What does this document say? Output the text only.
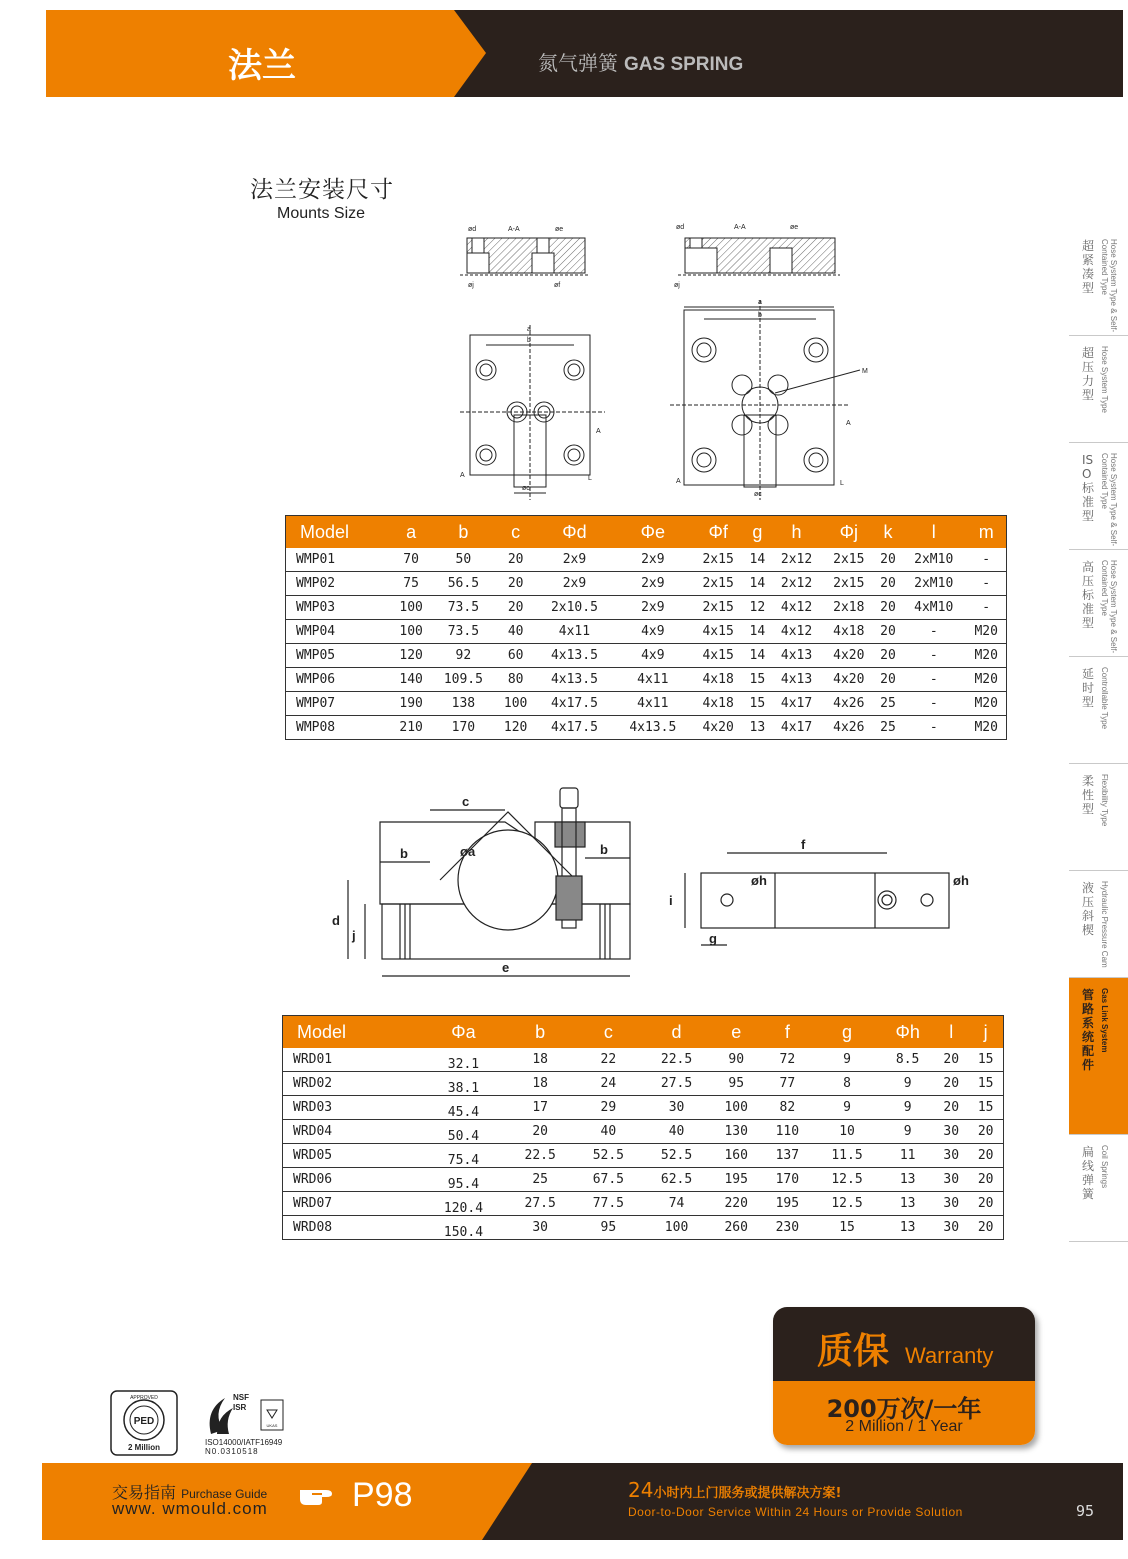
法兰	氮气弹簧 GAS SPRING
法兰安装尺寸
Mounts Size
超紧凑型	Hose System Type & Self-Contained Type
超压力型 Hose System Type
ISO标准型	Hose System Type & Self-Contained Type
高压标准型	Hose System Type & Self-Contained Type
延时型 Controllable Type
柔性型 Flexibility Type
液压斜楔 Hydraulic Pressure Cam
管路系统配件
Gas Link System
扁线弹簧
Coil Springs
ød	A-A	øe
a
b
A
A	L
øc
øf
øj
ød	A-A	øe
a
b
M
A
A	L
øc
øj
Model	a	b	c	Φd	Φe	Φf	g	h	Φj	k	l	m
WMP01	70	50	20	2x9	2x9	2x15	14	2x12	2x15	20	2xM10	-
WMP02	75	56.5	20	2x9	2x9	2x15	14	2x12	2x15	20	2xM10	-
WMP03	100	73.5	20	2x10.5	2x9	2x15	12	4x12	2x18	20	4xM10	-
WMP04	100	73.5	40	4x11	4x9	4x15	14	4x12	4x18	20	-	M20
WMP05	120	92	60	4x13.5	4x9	4x15	14	4x13	4x20	20	-	M20
WMP06	140	109.5	80	4x13.5	4x11	4x18	15	4x13	4x20	20	-	M20
WMP07	190	138	100	4x17.5	4x11	4x18	15	4x17	4x26	25	-	M20
WMP08	210	170	120	4x17.5	4x13.5	4x20	13	4x17	4x26	25	-	M20
c
b	b
øa
d
j
e
f
øh	øh
i
g
Model	Φa	b	c	d	e	f	g	Φh	l	j
WRD01	32.1	18	22	22.5	90	72	9	8.5	20	15
WRD02	38.1	18	24	27.5	95	77	8	9	20	15
WRD03	45.4	17	29	30	100	82	9	9	20	15
WRD04	50.4	20	40	40	130	110	10	9	30	20
WRD05	75.4	22.5	52.5	52.5	160	137	11.5	11	30	20
WRD06	95.4	25	67.5	62.5	195	170	12.5	13	30	20
WRD07	120.4	27.5	77.5	74	220	195	12.5	13	30	20
WRD08	150.4	30	95	100	260	230	15	13	30	20
质保 Warranty
200万次/一年
2 Million / 1 Year
PED
APPROVED
2 Million
NSF
ISR
UKAS
ISO14000/IATF16949
N0.0310518
交易指南 Purchase Guide
www. wmould.com P98	24小时内上门服务或提供解决方案!
Door-to-Door Service Within 24 Hours or Provide Solution	95
